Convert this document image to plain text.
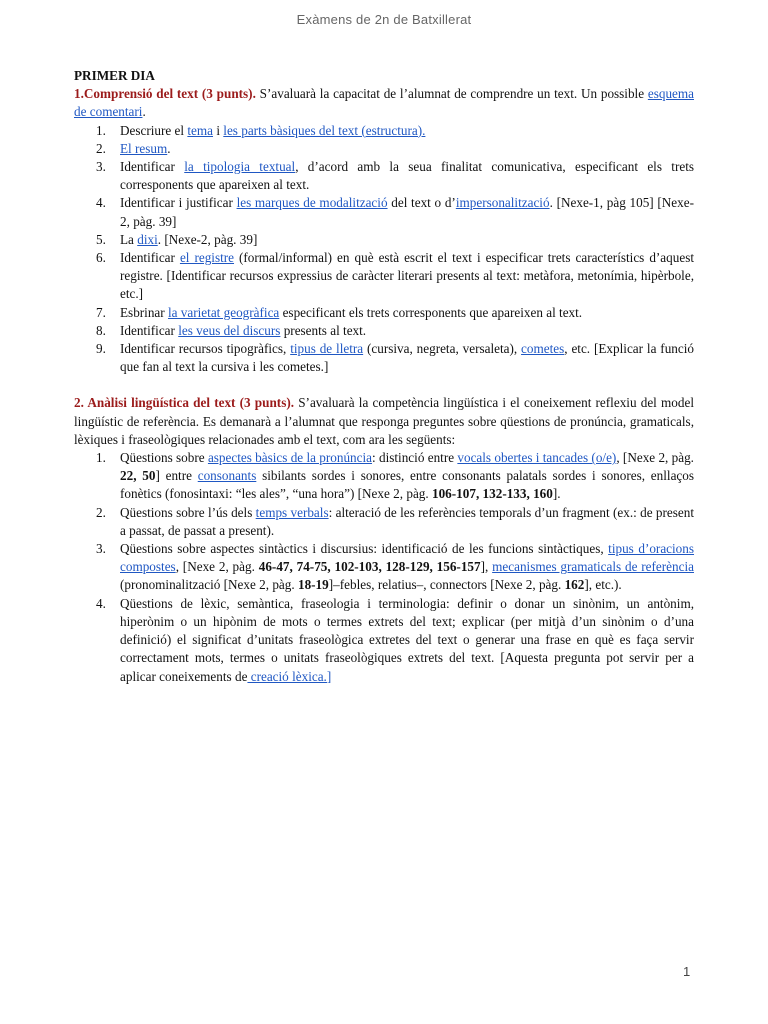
Exàmens de 2n de Batxillerat

PRIMER DIA

1.Comprensió del text (3 punts). S’avaluarà la capacitat de l’alumnat de comprendre un text. Un possible esquema de comentari.

1. Descriure el tema i les parts bàsiques del text (estructura).
2. El resum.
3. Identificar la tipologia textual, d’acord amb la seua finalitat comunicativa, especificant els trets corresponents que apareixen al text.
4. Identificar i justificar les marques de modalització del text o d’impersonalització. [Nexe-1, pàg 105] [Nexe-2, pàg. 39]
5. La dixi. [Nexe-2, pàg. 39]
6. Identificar el registre (formal/informal) en què està escrit el text i especificar trets característics d’aquest registre. [Identificar recursos expressius de caràcter literari presents al text: metàfora, metonímia, hipèrbole, etc.]
7. Esbrinar la varietat geogràfica especificant els trets corresponents que apareixen al text.
8. Identificar les veus del discurs presents al text.
9. Identificar recursos tipogràfics, tipus de lletra (cursiva, negreta, versaleta), cometes, etc. [Explicar la funció que fan al text la cursiva i les cometes.]

2. Anàlisi lingüística del text (3 punts). S’avaluarà la competència lingüística i el coneixement reflexiu del model lingüístic de referència. Es demanarà a l’alumnat que responga preguntes sobre qüestions de pronúncia, gramaticals, lèxiques i fraseològiques relacionades amb el text, com ara les següents:

1. Qüestions sobre aspectes bàsics de la pronúncia: distinció entre vocals obertes i tancades (o/e), [Nexe 2, pàg. 22, 50] entre consonants sibilants sordes i sonores, entre consonants palatals sordes i sonores, enllaços fonètics (fonosintaxi: “les ales”, “una hora”) [Nexe 2, pàg. 106-107, 132-133, 160].
2. Qüestions sobre l’ús dels temps verbals: alteració de les referències temporals d’un fragment (ex.: de present a passat, de passat a present).
3. Qüestions sobre aspectes sintàctics i discursius: identificació de les funcions sintàctiques, tipus d’oracions compostes, [Nexe 2, pàg. 46-47, 74-75, 102-103, 128-129, 156-157], mecanismes gramaticals de referència (pronominalització [Nexe 2, pàg. 18-19]–febles, relatius–, connectors [Nexe 2, pàg. 162], etc.).
4. Qüestions de lèxic, semàntica, fraseologia i terminologia: definir o donar un sinònim, un antònim, hiperònim o un hipònim de mots o termes extrets del text; explicar (per mitjà d’un sinònim o d’una definició) el significat d’unitats fraseològica extretes del text o generar una frase en què es faça servir correctament mots, termes o unitats fraseològiques extrets del text. [Aquesta pregunta pot servir per a aplicar coneixements de creació lèxica.]
1
